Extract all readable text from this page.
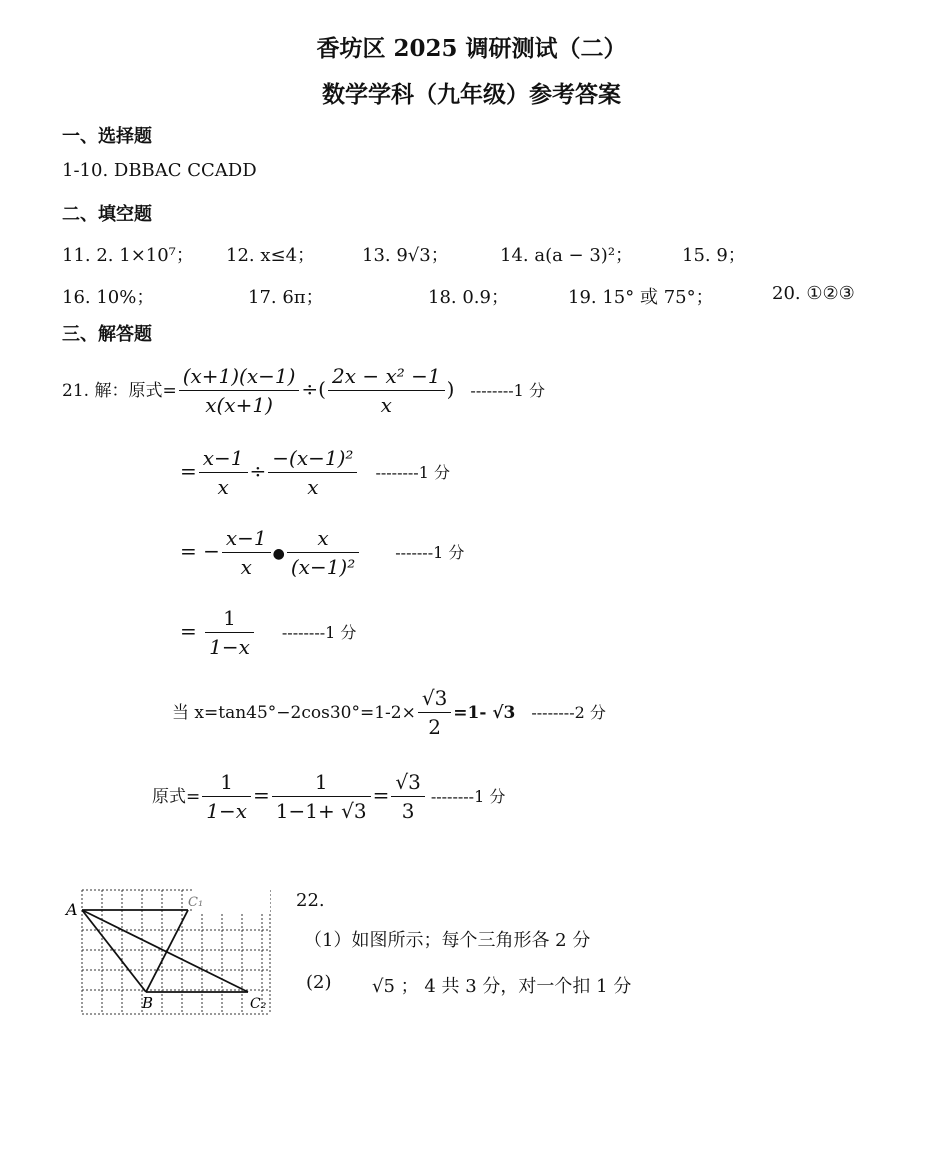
香坊区 2025 调研测试（二）
数学学科（九年级）参考答案
一、选择题
1-10. DBBAC CCADD
二、填空题
11. 2. 1×10⁷； 12. x≤4；	13. 9√3；	14. a(a − 3)²；	15. 9；
16. 10%；	17. 6π；	18. 0.9；	19. 15° 或 75°；	20. ①②③
三、解答题
21. 解：原式= $\frac{(x+1)(x-1)}{x(x+1)}$ ÷( $\frac{\text{2x − x² −1}}{x}$ ) --------1 分
= $\frac{x-1}{x} \div \frac{\text{−(x−1)²}}{x} --------1$ 分
= − $\frac{x-1}{x}$ ● $\frac{x}{\text{(x−1)²}} -------1$ 分
= $\frac{1}{1-x} --------1$ 分
当 $x=\tan 45^\circ-2\cos 30^\circ=1-2\times \frac{√3}{2} =1-$ √3 --------2 分
原式= $\frac{1}{1-x} = \frac{1}{1-1+ √3} = \frac{√3}{3} --------1$ 分
A
B
C₁
C₂
22.
（1）如图所示；每个三角形各 2 分
(2) √5 ； 4 共 3 分，对一个扣 1 分
